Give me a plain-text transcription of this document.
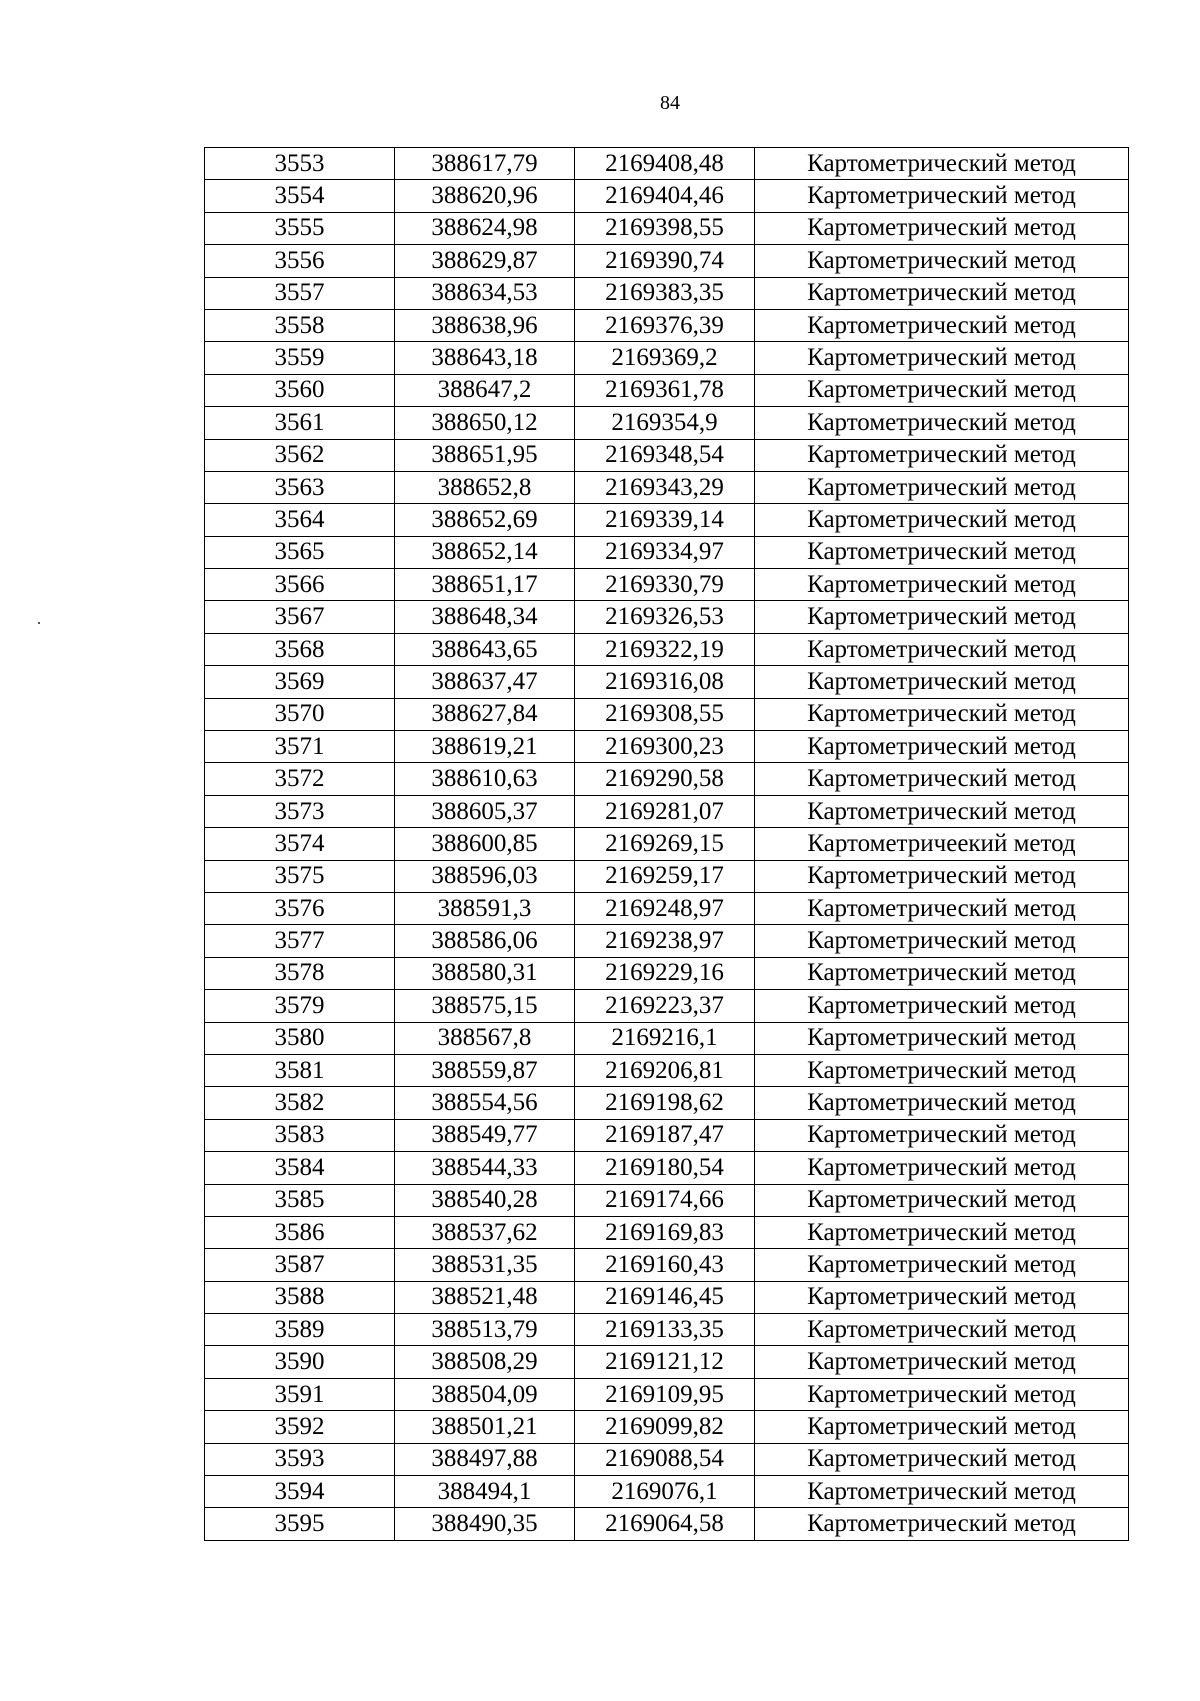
84
3553	388617,79	2169408,48	Картометрический метод
3554	388620,96	2169404,46	Картометрический метод
3555	388624,98	2169398,55	Картометрический метод
3556	388629,87	2169390,74	Картометрический метод
3557	388634,53	2169383,35	Картометрический метод
3558	388638,96	2169376,39	Картометрический метод
3559	388643,18	2169369,2	Картометрический метод
3560	388647,2	2169361,78	Картометрический метод
3561	388650,12	2169354,9	Картометрический метод
3562	388651,95	2169348,54	Картометрический метод
3563	388652,8	2169343,29	Картометрический метод
3564	388652,69	2169339,14	Картометрический метод
3565	388652,14	2169334,97	Картометрический метод
3566	388651,17	2169330,79	Картометрический метод
3567	388648,34	2169326,53	Картометрический метод
3568	388643,65	2169322,19	Картометрический метод
3569	388637,47	2169316,08	Картометрический метод
3570	388627,84	2169308,55	Картометрический метод
3571	388619,21	2169300,23	Картометрический метод
3572	388610,63	2169290,58	Картометрический метод
3573	388605,37	2169281,07	Картометрический метод
3574	388600,85	2169269,15	Картометричеекий метод
3575	388596,03	2169259,17	Картометрический метод
3576	388591,3	2169248,97	Картометрический метод
3577	388586,06	2169238,97	Картометрический метод
3578	388580,31	2169229,16	Картометрический метод
3579	388575,15	2169223,37	Картометрический метод
3580	388567,8	2169216,1	Картометрический метод
3581	388559,87	2169206,81	Картометрический метод
3582	388554,56	2169198,62	Картометрический метод
3583	388549,77	2169187,47	Картометрический метод
3584	388544,33	2169180,54	Картометрический метод
3585	388540,28	2169174,66	Картометрический метод
3586	388537,62	2169169,83	Картометрический метод
3587	388531,35	2169160,43	Картометрический метод
3588	388521,48	2169146,45	Картометрический метод
3589	388513,79	2169133,35	Картометрический метод
3590	388508,29	2169121,12	Картометрический метод
3591	388504,09	2169109,95	Картометрический метод
3592	388501,21	2169099,82	Картометрический метод
3593	388497,88	2169088,54	Картометрический метод
3594	388494,1	2169076,1	Картометрический метод
3595	388490,35	2169064,58	Картометрический метод
